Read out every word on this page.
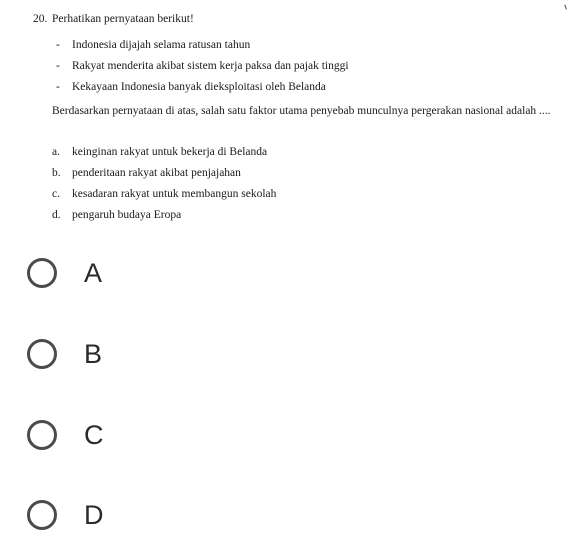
20. Perhatikan pernyataan berikut!
- Indonesia dijajah selama ratusan tahun
- Rakyat menderita akibat sistem kerja paksa dan pajak tinggi
- Kekayaan Indonesia banyak dieksploitasi oleh Belanda
Berdasarkan pernyataan di atas, salah satu faktor utama penyebab munculnya pergerakan nasional adalah ....
a. keinginan rakyat untuk bekerja di Belanda
b. penderitaan rakyat akibat penjajahan
c. kesadaran rakyat untuk membangun sekolah
d. pengaruh budaya Eropa
A
B
C
D
